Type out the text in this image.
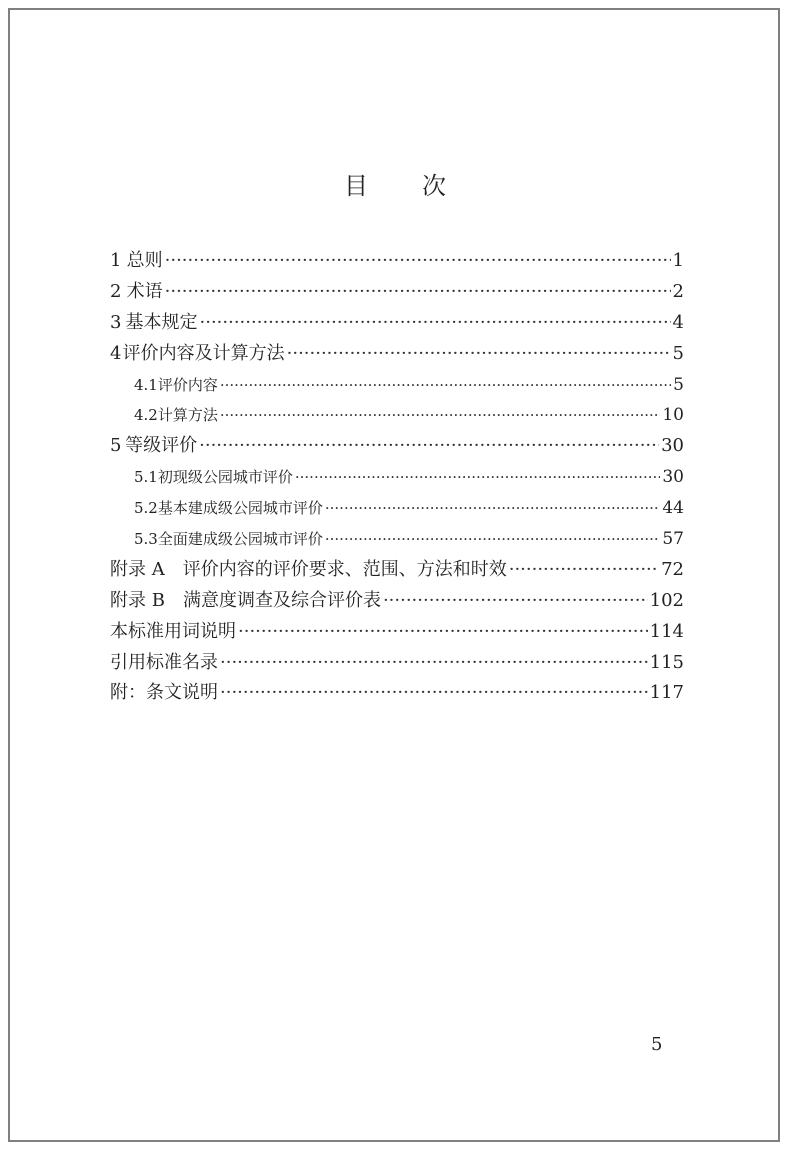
目 次
1 总则 ·····	1
2 术语 ·····	2
3 基本规定 ·····	4
4 评价内容及计算方法 ·····	5
4.1 评价内容 ·····	5
4.2 计算方法 ·····	10
5 等级评价 ·····	30
5.1 初现级公园城市评价 ·····	30
5.2 基本建成级公园城市评价 ·····	44
5.3 全面建成级公园城市评价 ·····	57
附录 A　评价内容的评价要求、范围、方法和时效 ·····	72
附录 B　满意度调查及综合评价表 ·····	102
本标准用词说明 ·····	114
引用标准名录 ·····	115
附：条文说明 ·····	117
5
